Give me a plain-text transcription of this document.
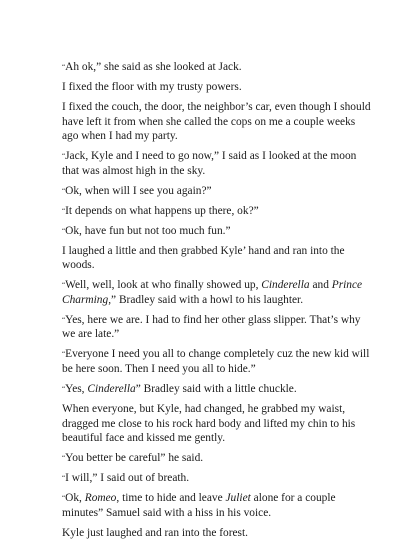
“Ah ok,” she said as she looked at Jack.

I fixed the floor with my trusty powers.

I fixed the couch, the door, the neighbor’s car, even though I should have left it from when she called the cops on me a couple weeks ago when I had my party.

“Jack, Kyle and I need to go now,” I said as I looked at the moon that was almost high in the sky.

“Ok, when will I see you again?”

“It depends on what happens up there, ok?”

“Ok, have fun but not too much fun.”

I laughed a little and then grabbed Kyle’ hand and ran into the woods.

“Well, well, look at who finally showed up, Cinderella and Prince Charming,” Bradley said with a howl to his laughter.

“Yes, here we are. I had to find her other glass slipper. That’s why we are late.”

“Everyone I need you all to change completely cuz the new kid will be here soon. Then I need you all to hide.”

“Yes, Cinderella” Bradley said with a little chuckle.

When everyone, but Kyle, had changed, he grabbed my waist, dragged me close to his rock hard body and lifted my chin to his beautiful face and kissed me gently.

“You better be careful” he said.

“I will,” I said out of breath.

“Ok, Romeo, time to hide and leave Juliet alone for a couple minutes” Samuel said with a hiss in his voice.

Kyle just laughed and ran into the forest.
